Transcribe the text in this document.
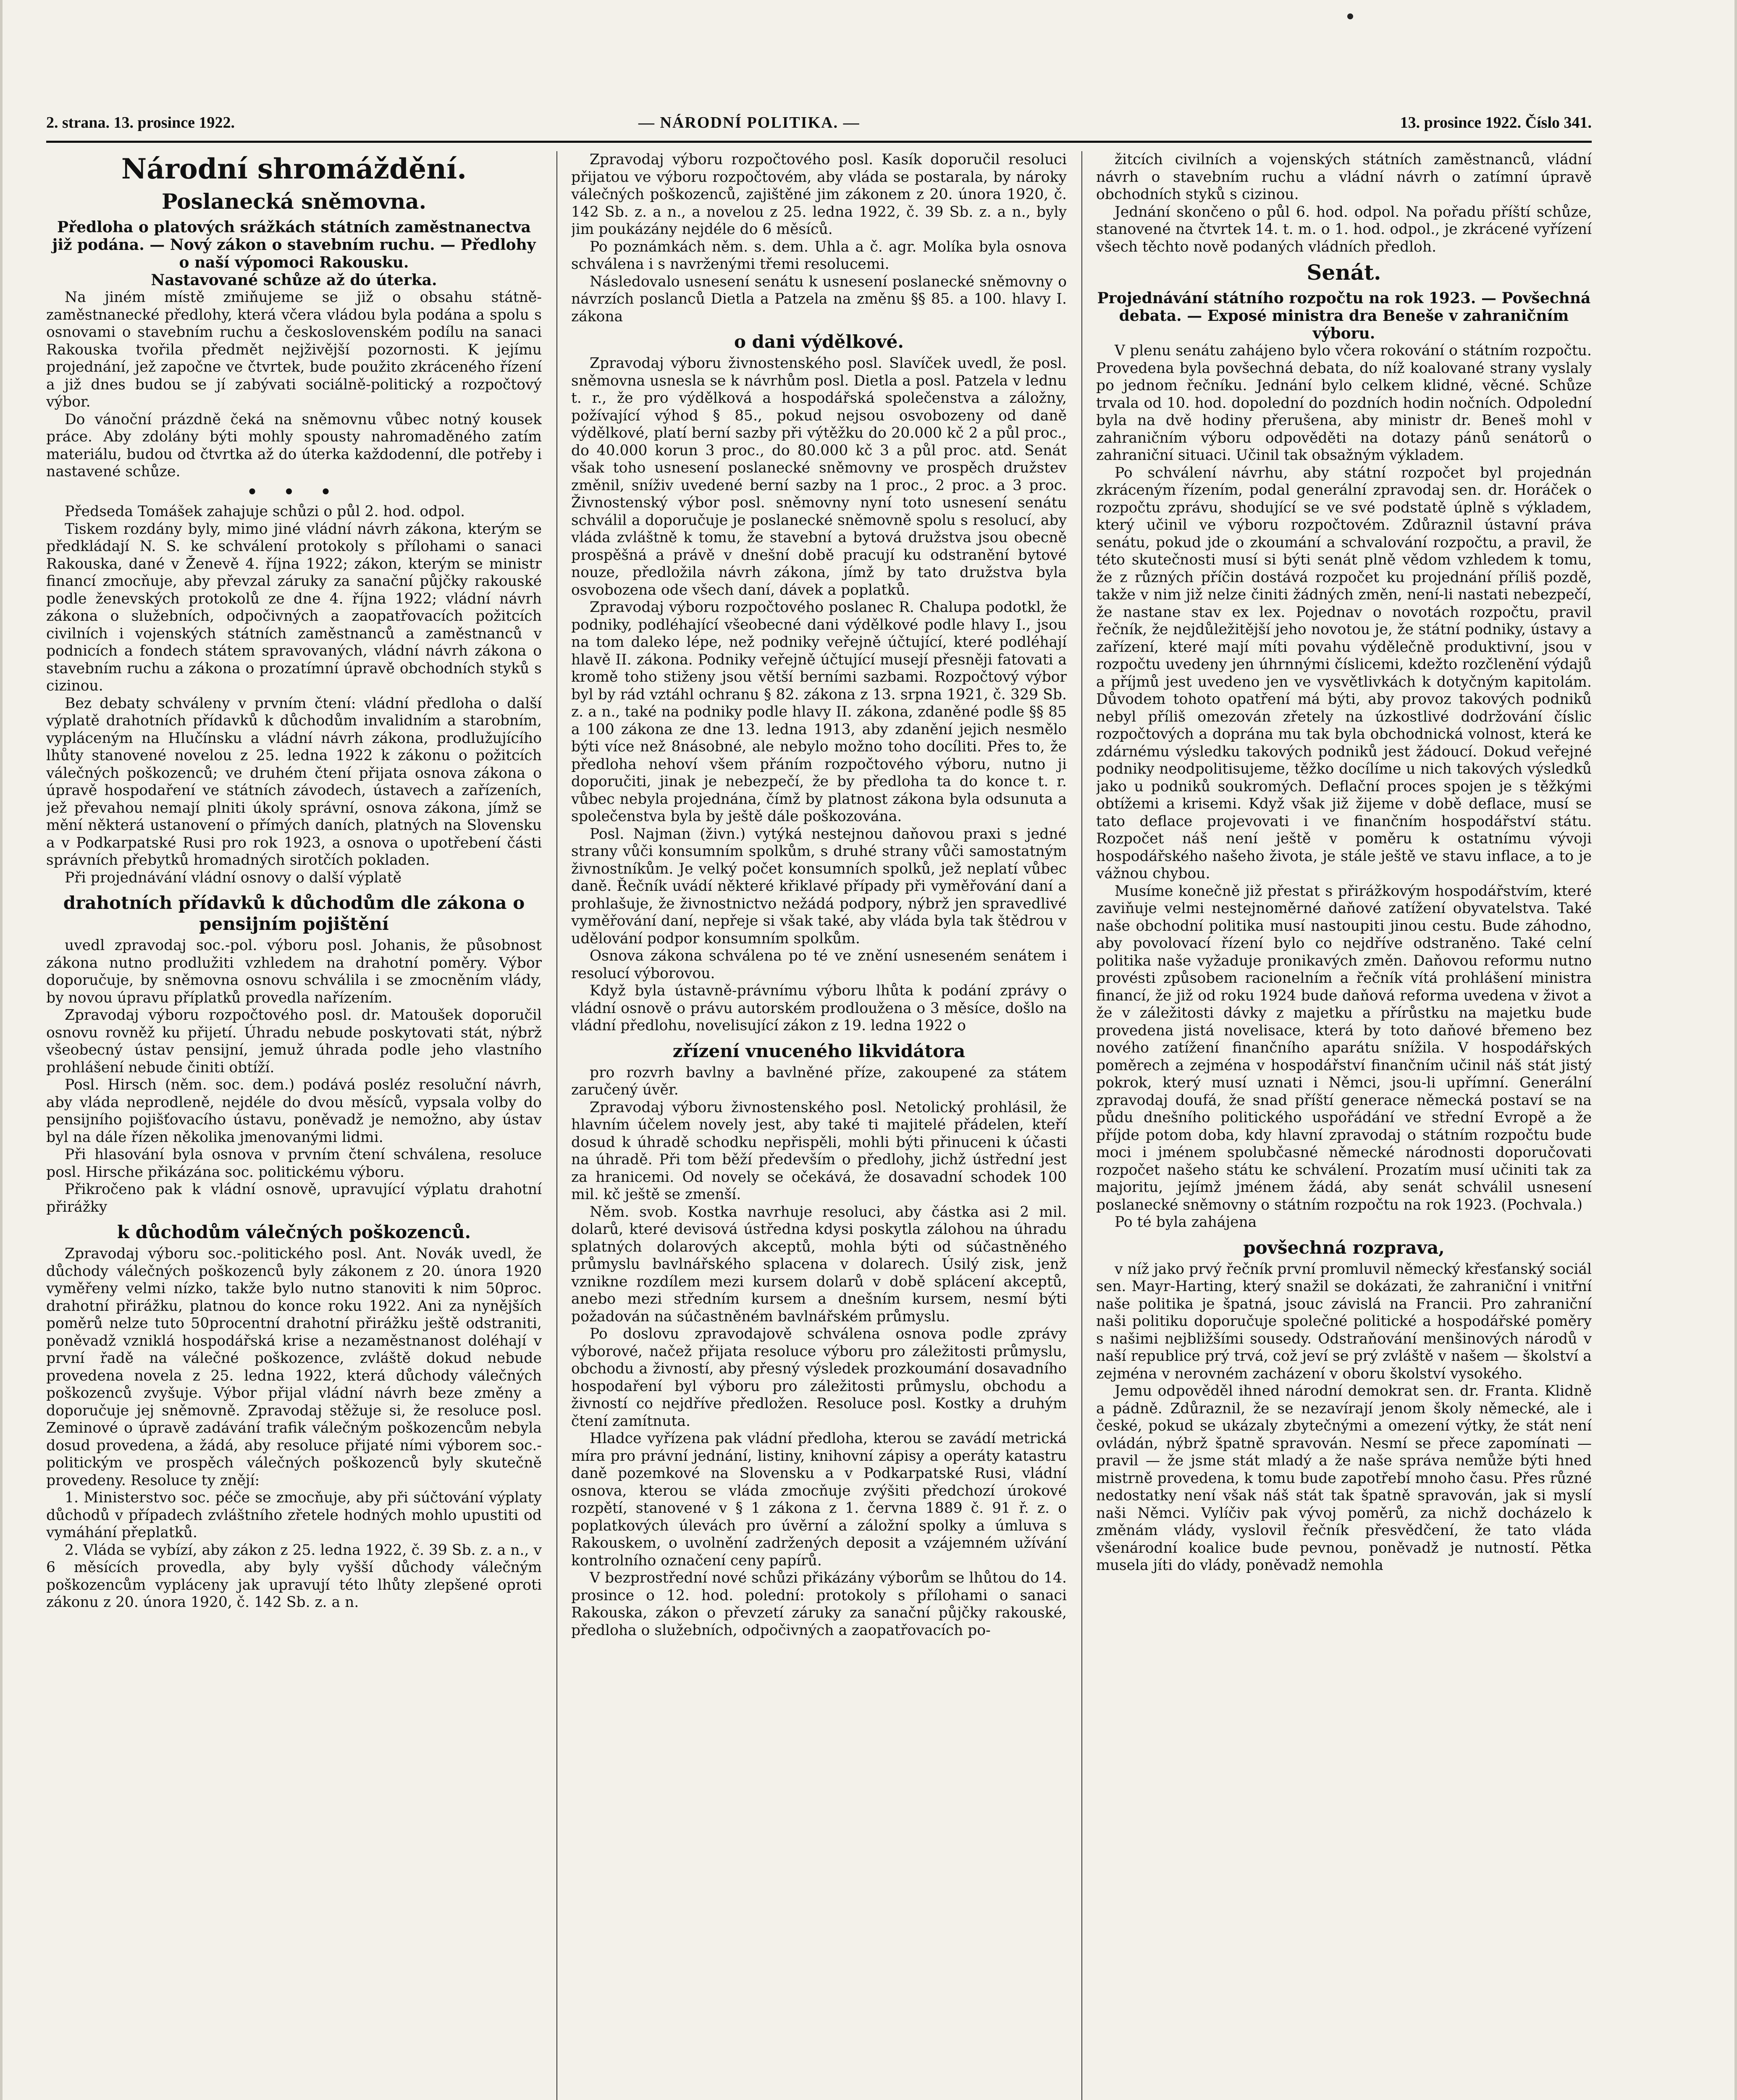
2. strana. 13. prosince 1922.	— NÁRODNÍ POLITIKA. —	13. prosince 1922. Číslo 341.
Národní shromáždění.
Poslanecká sněmovna.
Předloha o platových srážkách státních zaměstnanectva již podána. — Nový zákon o stavebním ruchu. — Předlohy o naší výpomoci Rakousku.
Nastavované schůze až do úterka.

Na jiném místě zmiňujeme se již o obsahu státně-zaměstnanecké předlohy, která včera vládou byla podána a spolu s osnovami o stavebním ruchu a československém podílu na sanaci Rakouska tvořila předmět nejživější pozornosti. K jejímu projednání, jež započne ve čtvrtek, bude použito zkráceného řízení a již dnes budou se jí zabývati sociálně-politický a rozpočtový výbor.

Do vánoční prázdně čeká na sněmovnu vůbec notný kousek práce. Aby zdolány býti mohly spousty nahromaděného zatím materiálu, budou od čtvrtka až do úterka každodenní, dle potřeby i nastavené schůze.

• • •

Předseda Tomášek zahajuje schůzi o půl 2. hod. odpol.

Tiskem rozdány byly, mimo jiné vládní návrh zákona, kterým se předkládají N. S. ke schválení protokoly s přílohami o sanaci Rakouska, dané v Ženevě 4. října 1922; zákon, kterým se ministr financí zmocňuje, aby převzal záruky za sanační půjčky rakouské podle ženevských protokolů ze dne 4. října 1922; vládní návrh zákona o služebních, odpočivných a zaopatřovacích požitcích civilních i vojenských státních zaměstnanců a zaměstnanců v podnicích a fondech státem spravovaných, vládní návrh zákona o stavebním ruchu a zákona o prozatímní úpravě obchodních styků s cizinou.

Bez debaty schváleny v prvním čtení: vládní předloha o další výplatě drahotních přídavků k důchodům invalidním a starobním, vypláceným na Hlučínsku a vládní návrh zákona, prodlužujícího lhůty stanovené novelou z 25. ledna 1922 k zákonu o požitcích válečných poškozenců; ve druhém čtení přijata osnova zákona o úpravě hospodaření ve státních závodech, ústavech a zařízeních, jež převahou nemají plniti úkoly správní, osnova zákona, jímž se mění některá ustanovení o přímých daních, platných na Slovensku a v Podkarpatské Rusi pro rok 1923, a osnova o upotřebení části správních přebytků hromadných sirotčích pokladen.

Při projednávání vládní osnovy o další výplatě

drahotních přídavků k důchodům dle zákona o pensijním pojištění

uvedl zpravodaj soc.-pol. výboru posl. Johanis, že působnost zákona nutno prodlužiti vzhledem na drahotní poměry. Výbor doporučuje, by sněmovna osnovu schválila i se zmocněním vlády, by novou úpravu příplatků provedla nařízením.

Zpravodaj výboru rozpočtového posl. dr. Matoušek doporučil osnovu rovněž ku přijetí. Úhradu nebude poskytovati stát, nýbrž všeobecný ústav pensijní, jemuž úhrada podle jeho vlastního prohlášení nebude činiti obtíží.

Posl. Hirsch (něm. soc. dem.) podává posléz resoluční návrh, aby vláda neprodleně, nejdéle do dvou měsíců, vypsala volby do pensijního pojišťovacího ústavu, poněvadž je nemožno, aby ústav byl na dále řízen několika jmenovanými lidmi.

Při hlasování byla osnova v prvním čtení schválena, resoluce posl. Hirsche přikázána soc. politickému výboru.

Přikročeno pak k vládní osnově, upravující výplatu drahotní přirážky

k důchodům válečných poškozenců.

Zpravodaj výboru soc.-politického posl. Ant. Novák uvedl, že důchody válečných poškozenců byly zákonem z 20. února 1920 vyměřeny velmi nízko, takže bylo nutno stanoviti k nim 50proc. drahotní přirážku, platnou do konce roku 1922. Ani za nynějších poměrů nelze tuto 50procentní drahotní přirážku ještě odstraniti, poněvadž vzniklá hospodářská krise a nezaměstnanost doléhají v první řadě na válečné poškozence, zvláště dokud nebude provedena novela z 25. ledna 1922, která důchody válečných poškozenců zvyšuje. Výbor přijal vládní návrh beze změny a doporučuje jej sněmovně. Zpravodaj stěžuje si, že resoluce posl. Zeminové o úpravě zadávání trafik válečným poškozencům nebyla dosud provedena, a žádá, aby resoluce přijaté ními výborem soc.-politickým ve prospěch válečných poškozenců byly skutečně provedeny. Resoluce ty znějí:

1. Ministerstvo soc. péče se zmocňuje, aby při súčtování výplaty důchodů v případech zvláštního zřetele hodných mohlo upustiti od vymáhání přeplatků.

2. Vláda se vybízí, aby zákon z 25. ledna 1922, č. 39 Sb. z. a n., v 6 měsících provedla, aby byly vyšší důchody válečným poškozencům vypláceny jak upravují této lhůty zlepšené oproti zákonu z 20. února 1920, č. 142 Sb. z. a n.

Zpravodaj výboru rozpočtového posl. Kasík doporučil resoluci přijatou ve výboru rozpočtovém, aby vláda se postarala, by nároky válečných poškozenců, zajištěné jim zákonem z 20. února 1920, č. 142 Sb. z. a n., a novelou z 25. ledna 1922, č. 39 Sb. z. a n., byly jim poukázány nejdéle do 6 měsíců.

Po poznámkách něm. s. dem. Uhla a č. agr. Molíka byla osnova schválena i s navrženými třemi resolucemi.

Následovalo usnesení senátu k usnesení poslanecké sněmovny o návrzích poslanců Dietla a Patzela na změnu §§ 85. a 100. hlavy I. zákona

o dani výdělkové.

Zpravodaj výboru živnostenského posl. Slavíček uvedl, že posl. sněmovna usnesla se k návrhům posl. Dietla a posl. Patzela v lednu t. r., že pro výdělková a hospodářská společenstva a záložny, požívající výhod § 85., pokud nejsou osvobozeny od daně výdělkové, platí berní sazby při výtěžku do 20.000 kč 2 a půl proc., do 40.000 korun 3 proc., do 80.000 kč 3 a půl proc. atd. Senát však toho usnesení poslanecké sněmovny ve prospěch družstev změnil, sníživ uvedené berní sazby na 1 proc., 2 proc. a 3 proc. Živnostenský výbor posl. sněmovny nyní toto usnesení senátu schválil a doporučuje je poslanecké sněmovně spolu s resolucí, aby vláda zvláštně k tomu, že stavební a bytová družstva jsou obecně prospěšná a právě v dnešní době pracují ku odstranění bytové nouze, předložila návrh zákona, jímž by tato družstva byla osvobozena ode všech daní, dávek a poplatků.

Zpravodaj výboru rozpočtového poslanec R. Chalupa podotkl, že podniky, podléhající všeobecné dani výdělkové podle hlavy I., jsou na tom daleko lépe, než podniky veřejně účtující, které podléhají hlavě II. zákona. Podniky veřejně účtující musejí přesněji fatovati a kromě toho stiženy jsou větší berními sazbami. Rozpočtový výbor byl by rád vztáhl ochranu § 82. zákona z 13. srpna 1921, č. 329 Sb. z. a n., také na podniky podle hlavy II. zákona, zdaněné podle §§ 85 a 100 zákona ze dne 13. ledna 1913, aby zdanění jejich nesmělo býti více než 8násobné, ale nebylo možno toho docíliti. Přes to, že předloha nehoví všem přáním rozpočtového výboru, nutno ji doporučiti, jinak je nebezpečí, že by předloha ta do konce t. r. vůbec nebyla projednána, čímž by platnost zákona byla odsunuta a společenstva byla by ještě dále poškozována.

Posl. Najman (živn.) vytýká nestejnou daňovou praxi s jedné strany vůči konsumním spolkům, s druhé strany vůči samostatným živnostníkům. Je velký počet konsumních spolků, jež neplatí vůbec daně. Řečník uvádí některé křiklavé případy při vyměřování daní a prohlašuje, že živnostnictvo nežádá podpory, nýbrž jen spravedlivé vyměřování daní, nepřeje si však také, aby vláda byla tak štědrou v udělování podpor konsumním spolkům.

Osnova zákona schválena po té ve znění usneseném senátem i resolucí výborovou.

Když byla ústavně-právnímu výboru lhůta k podání zprávy o vládní osnově o právu autorském prodloužena o 3 měsíce, došlo na vládní předlohu, novelisující zákon z 19. ledna 1922 o

zřízení vnuceného likvidátora

pro rozvrh bavlny a bavlněné příze, zakoupené za státem zaručený úvěr.

Zpravodaj výboru živnostenského posl. Netolický prohlásil, že hlavním účelem novely jest, aby také ti majitelé přádelen, kteří dosud k úhradě schodku nepřispěli, mohli býti přinuceni k účasti na úhradě. Při tom běží především o předlohy, jichž ústřední jest za hranicemi. Od novely se očekává, že dosavadní schodek 100 mil. kč ještě se zmenší.

Něm. svob. Kostka navrhuje resoluci, aby částka asi 2 mil. dolarů, které devisová ústředna kdysi poskytla zálohou na úhradu splatných dolarových akceptů, mohla býti od súčastněného průmyslu bavlnářského splacena v dolarech. Úsilý zisk, jenž vznikne rozdílem mezi kursem dolarů v době splácení akceptů, anebo mezi středním kursem a dnešním kursem, nesmí býti požadován na súčastněném bavlnářském průmyslu.

Po doslovu zpravodajově schválena osnova podle zprávy výborové, načež přijata resoluce výboru pro záležitosti průmyslu, obchodu a živností, aby přesný výsledek prozkoumání dosavadního hospodaření byl výboru pro záležitosti průmyslu, obchodu a živností co nejdříve předložen. Resoluce posl. Kostky a druhým čtení zamítnuta.

Hladce vyřízena pak vládní předloha, kterou se zavádí metrická míra pro právní jednání, listiny, knihovní zápisy a operáty katastru daně pozemkové na Slovensku a v Podkarpatské Rusi, vládní osnova, kterou se vláda zmocňuje zvýšiti předchozí úrokové rozpětí, stanovené v § 1 zákona z 1. června 1889 č. 91 ř. z. o poplatkových úlevách pro úvěrní a záložní spolky a úmluva s Rakouskem, o uvolnění zadržených deposit a vzájemném užívání kontrolního označení ceny papírů.

V bezprostřední nové schůzi přikázány výborům se lhůtou do 14. prosince o 12. hod. polední: protokoly s přílohami o sanaci Rakouska, zákon o převzetí záruky za sanační půjčky rakouské, předloha o služebních, odpočivných a zaopatřovacích po-

žitcích civilních a vojenských státních zaměstnanců, vládní návrh o stavebním ruchu a vládní návrh o zatímní úpravě obchodních styků s cizinou.

Jednání skončeno o půl 6. hod. odpol. Na pořadu příští schůze, stanovené na čtvrtek 14. t. m. o 1. hod. odpol., je zkrácené vyřízení všech těchto nově podaných vládních předloh.

Senát.
Projednávání státního rozpočtu na rok 1923. — Povšechná debata. — Exposé ministra dra Beneše v zahraničním výboru.

V plenu senátu zahájeno bylo včera rokování o státním rozpočtu. Provedena byla povšechná debata, do níž koalované strany vyslaly po jednom řečníku. Jednání bylo celkem klidné, věcné. Schůze trvala od 10. hod. dopolední do pozdních hodin nočních. Odpolední byla na dvě hodiny přerušena, aby ministr dr. Beneš mohl v zahraničním výboru odpověděti na dotazy pánů senátorů o zahraniční situaci. Učinil tak obsažným výkladem.

Po schválení návrhu, aby státní rozpočet byl projednán zkráceným řízením, podal generální zpravodaj sen. dr. Horáček o rozpočtu zprávu, shodující se ve své podstatě úplně s výkladem, který učinil ve výboru rozpočtovém. Zdůraznil ústavní práva senátu, pokud jde o zkoumání a schvalování rozpočtu, a pravil, že této skutečnosti musí si býti senát plně vědom vzhledem k tomu, že z různých příčin dostává rozpočet ku projednání příliš pozdě, takže v nim již nelze činiti žádných změn, není-li nastati nebezpečí, že nastane stav ex lex. Pojednav o novotách rozpočtu, pravil řečník, že nejdůležitější jeho novotou je, že státní podniky, ústavy a zařízení, které mají míti povahu výdělečně produktivní, jsou v rozpočtu uvedeny jen úhrnnými číslicemi, kdežto rozčlenění výdajů a příjmů jest uvedeno jen ve vysvětlivkách k dotyčným kapitolám. Důvodem tohoto opatření má býti, aby provoz takových podniků nebyl příliš omezován zřetely na úzkostlivé dodržování číslic rozpočtových a doprána mu tak byla obchodnická volnost, která ke zdárnému výsledku takových podniků jest žádoucí. Dokud veřejné podniky neodpolitisujeme, těžko docílíme u nich takových výsledků jako u podniků soukromých. Deflační proces spojen je s těžkými obtížemi a krisemi. Když však již žijeme v době deflace, musí se tato deflace projevovati i ve finančním hospodářství státu. Rozpočet náš není ještě v poměru k ostatnímu vývoji hospodářského našeho života, je stále ještě ve stavu inflace, a to je vážnou chybou.

Musíme konečně již přestat s přirážkovým hospodářstvím, které zaviňuje velmi nestejnoměrné daňové zatížení obyvatelstva. Také naše obchodní politika musí nastoupiti jinou cestu. Bude záhodno, aby povolovací řízení bylo co nejdříve odstraněno. Také celní politika naše vyžaduje pronikavých změn. Daňovou reformu nutno provésti způsobem racionelním a řečník vítá prohlášení ministra financí, že již od roku 1924 bude daňová reforma uvedena v život a že v záležitosti dávky z majetku a přírůstku na majetku bude provedena jistá novelisace, která by toto daňové břemeno bez nového zatížení finančního aparátu snížila. V hospodářských poměrech a zejména v hospodářství finančním učinil náš stát jistý pokrok, který musí uznati i Němci, jsou-li upřímní. Generální zpravodaj doufá, že snad příští generace německá postaví se na půdu dnešního politického uspořádání ve střední Evropě a že příjde potom doba, kdy hlavní zpravodaj o státním rozpočtu bude moci i jménem spolubčasné německé národnosti doporučovati rozpočet našeho státu ke schválení. Prozatím musí učiniti tak za majoritu, jejímž jménem žádá, aby senát schválil usnesení poslanecké sněmovny o státním rozpočtu na rok 1923. (Pochvala.)

Po té byla zahájena

povšechná rozprava,

v níž jako prvý řečník první promluvil německý křesťanský sociál sen. Mayr-Harting, který snažil se dokázati, že zahraniční i vnitřní naše politika je špatná, jsouc závislá na Francii. Pro zahraniční naši politiku doporučuje společné politické a hospodářské poměry s našimi nejbližšími sousedy. Odstraňování menšinových národů v naší republice prý trvá, což jeví se prý zvláště v našem — školství a zejména v nerovném zacházení v oboru školství vysokého.

Jemu odpověděl ihned národní demokrat sen. dr. Franta. Klidně a pádně. Zdůraznil, že se nezavírají jenom školy německé, ale i české, pokud se ukázaly zbytečnými a omezení výtky, že stát není ovládán, nýbrž špatně spravován. Nesmí se přece zapomínati — pravil — že jsme stát mladý a že naše správa nemůže býti hned mistrně provedena, k tomu bude zapotřebí mnoho času. Přes různé nedostatky není však náš stát tak špatně spravován, jak si myslí naši Němci. Vylíčiv pak vývoj poměrů, za nichž docházelo k změnám vlády, vyslovil řečník přesvědčení, že tato vláda všenárodní koalice bude pevnou, poněvadž je nutností. Pětka musela jíti do vlády, poněvadž nemohla
